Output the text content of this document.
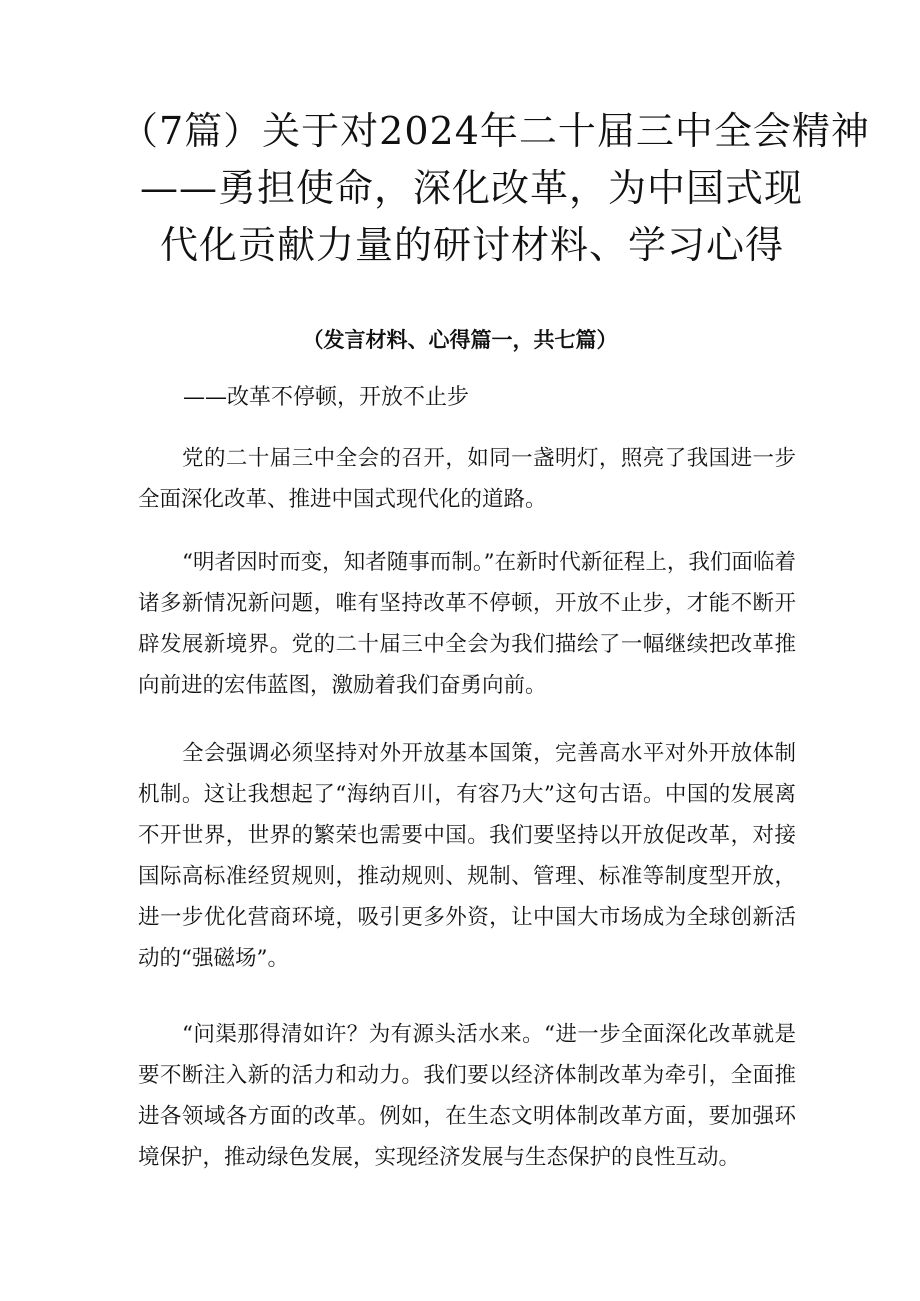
（7篇）关于对2024年二十届三中全会精神
——勇担使命，深化改革，为中国式现
代化贡献力量的研讨材料、学习心得
（发言材料、心得篇一，共七篇）
——改革不停顿，开放不止步
党的二十届三中全会的召开，如同一盏明灯，照亮了我国进一步全面深化改革、推进中国式现代化的道路。
“明者因时而变，知者随事而制。”在新时代新征程上，我们面临着诸多新情况新问题，唯有坚持改革不停顿，开放不止步，才能不断开辟发展新境界。党的二十届三中全会为我们描绘了一幅继续把改革推向前进的宏伟蓝图，激励着我们奋勇向前。
全会强调必须坚持对外开放基本国策，完善高水平对外开放体制机制。这让我想起了“海纳百川，有容乃大”这句古语。中国的发展离不开世界，世界的繁荣也需要中国。我们要坚持以开放促改革，对接国际高标准经贸规则，推动规则、规制、管理、标准等制度型开放，进一步优化营商环境，吸引更多外资，让中国大市场成为全球创新活动的“强磁场”。
“问渠那得清如许？为有源头活水来。“进一步全面深化改革就是要不断注入新的活力和动力。我们要以经济体制改革为牵引，全面推进各领域各方面的改革。例如，在生态文明体制改革方面，要加强环境保护，推动绿色发展，实现经济发展与生态保护的良性互动。
